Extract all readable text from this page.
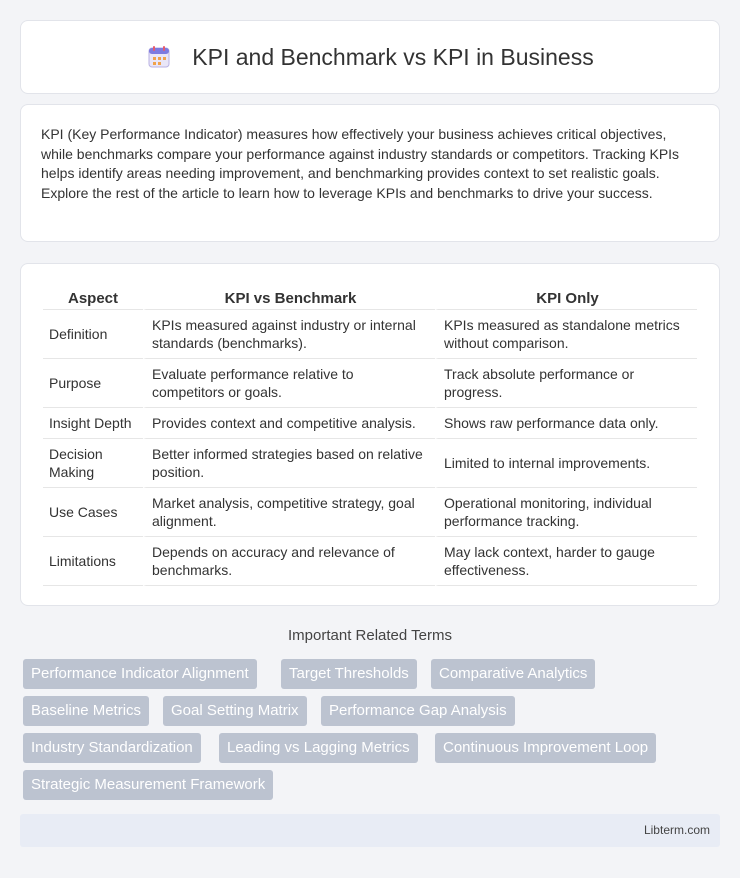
KPI and Benchmark vs KPI in Business

KPI (Key Performance Indicator) measures how effectively your business achieves critical objectives, while benchmarks compare your performance against industry standards or competitors. Tracking KPIs helps identify areas needing improvement, and benchmarking provides context to set realistic goals. Explore the rest of the article to learn how to leverage KPIs and benchmarks to drive your success.

Aspect	KPI vs Benchmark	KPI Only
Definition	KPIs measured against industry or internal standards (benchmarks).	KPIs measured as standalone metrics without comparison.
Purpose	Evaluate performance relative to competitors or goals.	Track absolute performance or progress.
Insight Depth	Provides context and competitive analysis.	Shows raw performance data only.
Decision Making	Better informed strategies based on relative position.	Limited to internal improvements.
Use Cases	Market analysis, competitive strategy, goal alignment.	Operational monitoring, individual performance tracking.
Limitations	Depends on accuracy and relevance of benchmarks.	May lack context, harder to gauge effectiveness.
Important Related Terms
Performance Indicator Alignment	Target Thresholds	Comparative Analytics
Baseline Metrics	Goal Setting Matrix	Performance Gap Analysis
Industry Standardization	Leading vs Lagging Metrics	Continuous Improvement Loop
Strategic Measurement Framework
Libterm.com
